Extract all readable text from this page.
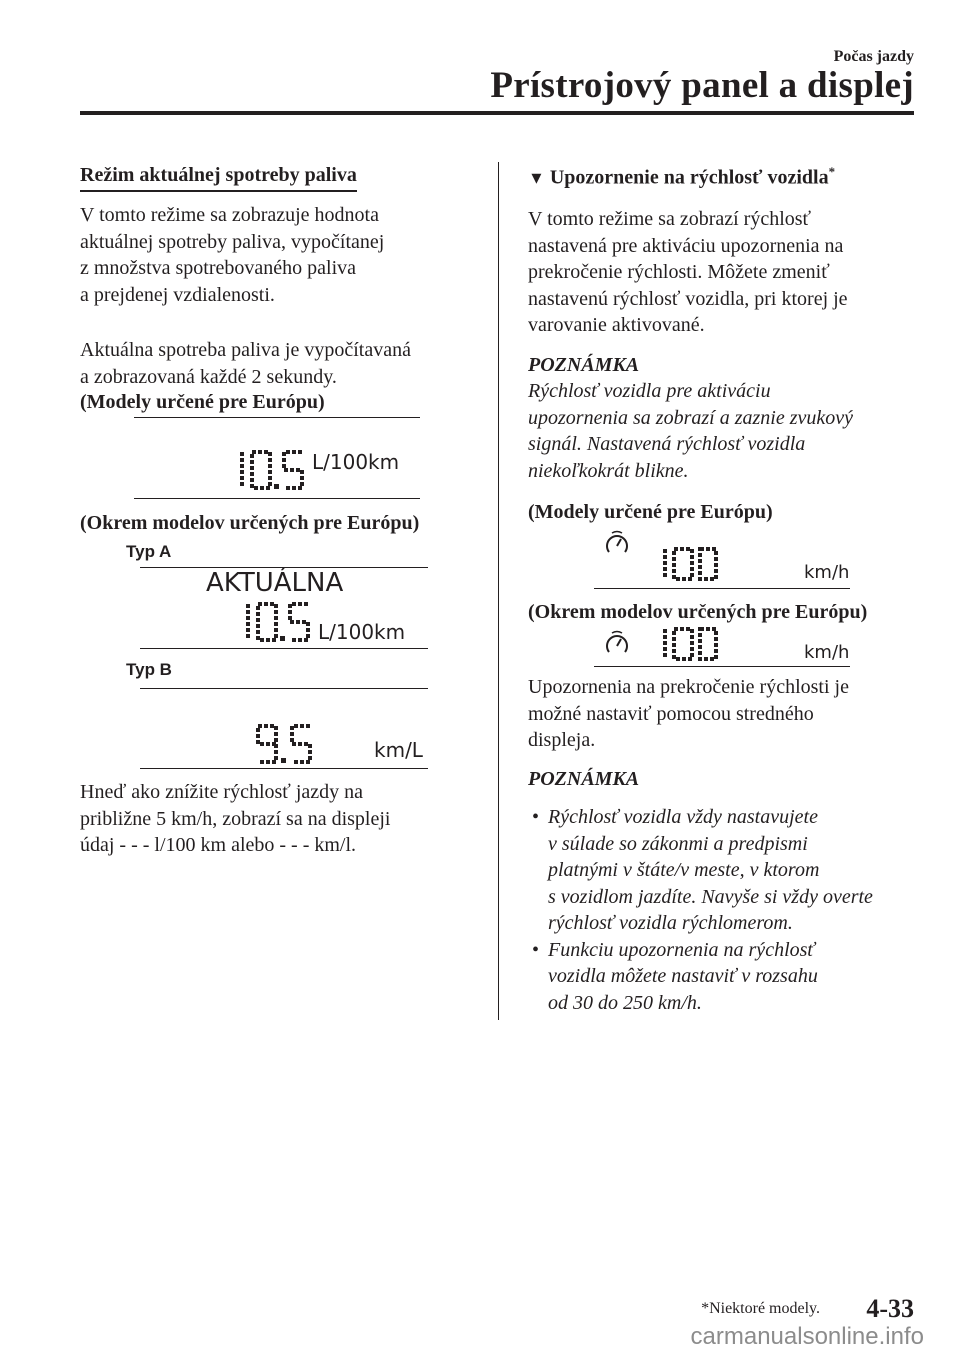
Počas jazdy
Prístrojový panel a displej
Režim aktuálnej spotreby paliva

V tomto režime sa zobrazuje hodnota

aktuálnej spotreby paliva, vypočítanej

z množstva spotrebovaného paliva

a prejdenej vzdialenosti.

Aktuálna spotreba paliva je vypočítavaná

a zobrazovaná každé 2 sekundy.

(Modely určené pre Európu)
L/100km
(Okrem modelov určených pre Európu)
Typ A
AKTUÁLNA
L/100km
Typ B
km/L

Hneď ako znížite rýchlosť jazdy na

približne 5 km/h, zobrazí sa na displeji

údaj - - - l/100 km alebo - - - km/l.

▼ Upozornenie na rýchlosť vozidla*

V tomto režime sa zobrazí rýchlosť

nastavená pre aktiváciu upozornenia na

prekročenie rýchlosti. Môžete zmeniť

nastavenú rýchlosť vozidla, pri ktorej je

varovanie aktivované.

POZNÁMKA

Rýchlosť vozidla pre aktiváciu

upozornenia sa zobrazí a zaznie zvukový

signál. Nastavená rýchlosť vozidla

niekoľkokrát blikne.

(Modely určené pre Európu)
km/h
(Okrem modelov určených pre Európu)
km/h

Upozornenia na prekročenie rýchlosti je

možné nastaviť pomocou stredného

displeja.

POZNÁMKA
• Rýchlosť vozidla vždy nastavujete

v súlade so zákonmi a predpismi

platnými v štáte/v meste, v ktorom

s vozidlom jazdíte. Navyše si vždy overte

rýchlosť vozidla rýchlomerom.

• Funkciu upozornenia na rýchlosť

vozidla môžete nastaviť v rozsahu

od 30 do 250 km/h.

*Niektoré modely. 4-33
carmanualsonline.info
